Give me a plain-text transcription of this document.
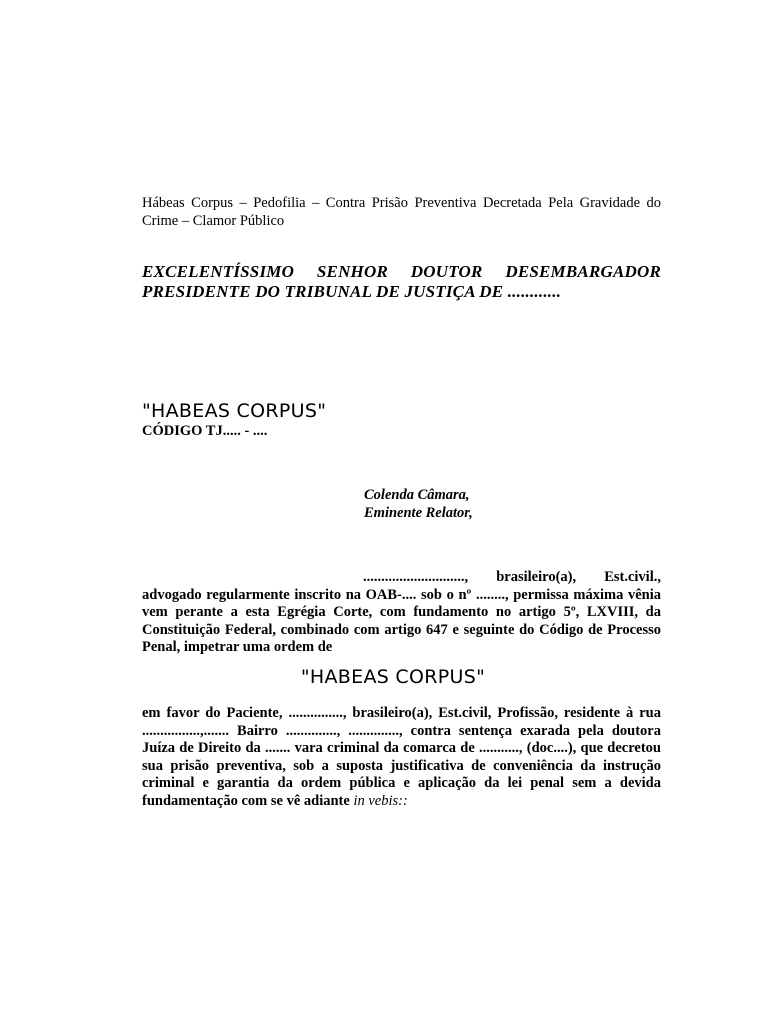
Hábeas Corpus – Pedofilia – Contra Prisão Preventiva Decretada Pela Gravidade do Crime – Clamor Público
EXCELENTÍSSIMO SENHOR DOUTOR DESEMBARGADOR PRESIDENTE DO TRIBUNAL DE JUSTIÇA DE ............
"HABEAS CORPUS"
CÓDIGO TJ..... - ....
Colenda Câmara,
Eminente Relator,
............................, brasileiro(a), Est.civil., advogado regularmente inscrito na OAB-.... sob o nº ........, permissa máxima vênia vem perante a esta Egrégia Corte, com fundamento no artigo 5º, LXVIII, da Constituição Federal, combinado com artigo 647 e seguinte do Código de Processo Penal, impetrar uma ordem de
"HABEAS CORPUS"
em favor do Paciente, ..............., brasileiro(a), Est.civil, Profissão, residente à rua ................,....... Bairro .............., .............., contra sentença exarada pela doutora Juíza de Direito da ....... vara criminal da comarca de ..........., (doc....), que decretou sua prisão preventiva, sob a suposta justificativa de conveniência da instrução criminal e garantia da ordem pública e aplicação da lei penal sem a devida fundamentação com se vê adiante in vebis::
